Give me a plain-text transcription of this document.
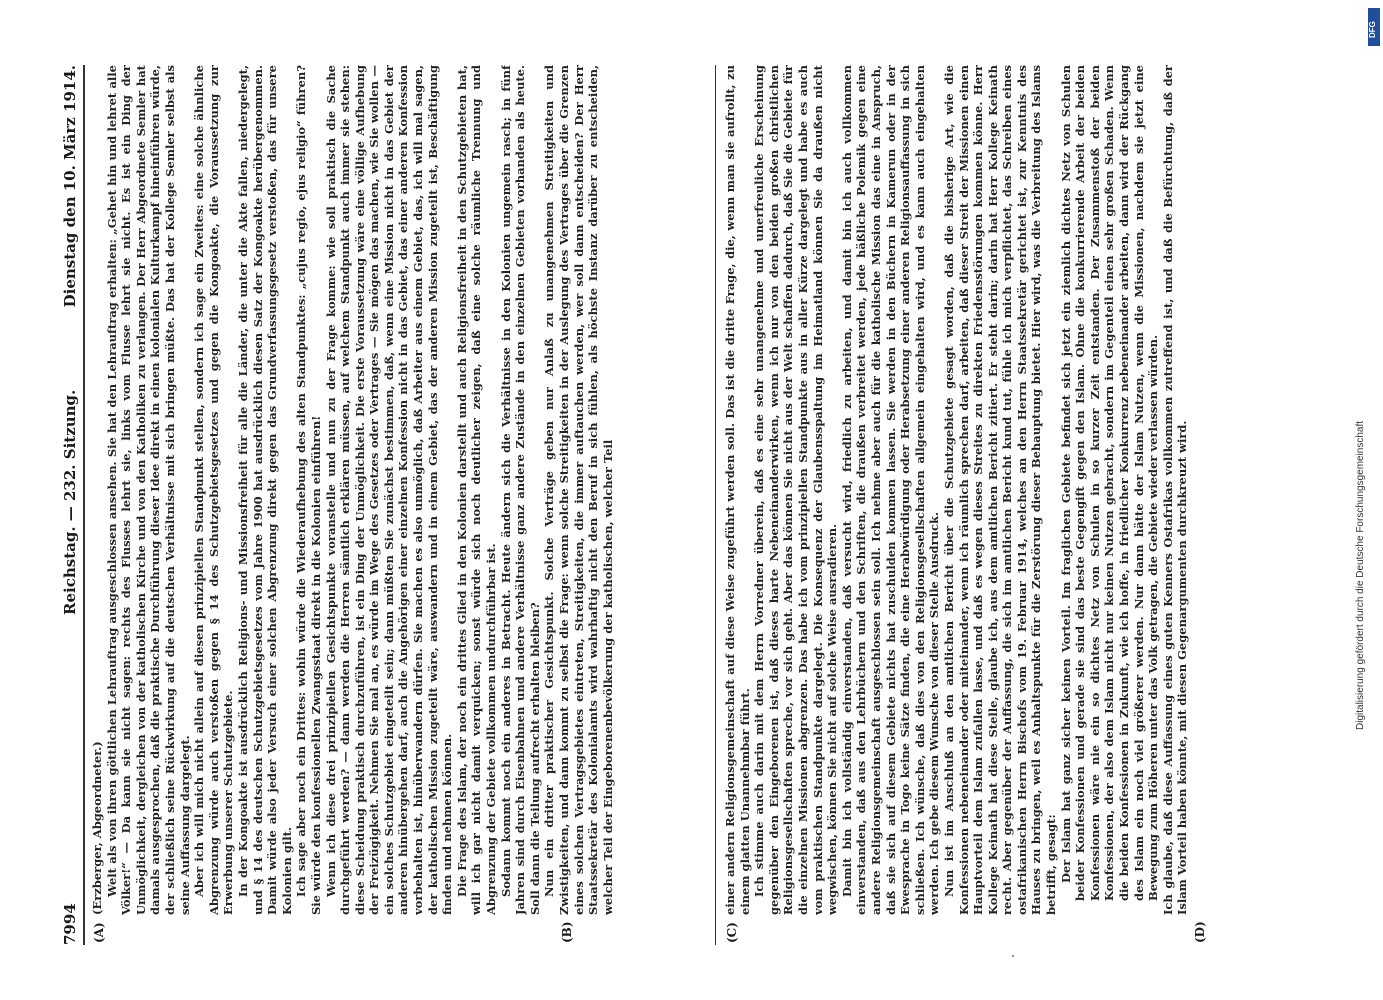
7994
Reichstag. — 232. Sitzung.
Dienstag den 10. März 1914.
(A)	(B)

(Erzberger, Abgeordneter.) Welt als von ihren göttlichen Lehrauftrag ausgeschlossen ansehen. Sie hat den Lehrauftrag erhalten: „Gehet hin und lehret alle Völker!“ — Da kann sie nicht sagen: rechts des Flusses lehrt sie, links vom Flusse lehrt sie nicht. Es ist ein Ding der Unmöglichkeit, dergleichen von der katholischen Kirche und von den Katholiken zu verlangen. Der Herr Abgeordnete Semler hat damals ausgesprochen, daß die praktische Durchführung dieser Idee direkt in einen kolonialen Kulturkampf hineinführen würde, der schließlich seine Rückwirkung auf die deutschen Verhältnisse mit sich bringen müßte. Das hat der Kollege Semler selbst als seine Auffassung dargelegt. Aber ich will mich nicht allein auf diesen prinzipiellen Standpunkt stellen, sondern ich sage ein Zweites: eine solche ähnliche Abgrenzung würde auch verstoßen gegen § 14 des Schutzgebietsgesetzes und gegen die Kongoakte, die Voraussetzung zur Erwerbung unserer Schutzgebiete. In der Kongoakte ist ausdrücklich Religions- und Missionsfreiheit für alle die Länder, die unter die Akte fallen, niedergelegt, und § 14 des deutschen Schutzgebietsgesetzes vom Jahre 1900 hat ausdrücklich diesen Satz der Kongoakte herübergenommen. Damit würde also jeder Versuch einer solchen Abgrenzung direkt gegen das Grundverfassungsgesetz verstoßen, das für unsere Kolonien gilt. Ich sage aber noch ein Drittes: wohin würde die Wiederaufhebung des alten Standpunktes: „cujus regio, ejus religio“ führen? Sie würde den konfessionellen Zwangsstaat direkt in die Kolonien einführen! Wenn ich diese drei prinzipiellen Gesichtspunkte voranstelle und nun zu der Frage komme: wie soll praktisch die Sache durchgeführt werden? — dann werden die Herren sämtlich erklären müssen, auf welchem Standpunkt auch immer sie stehen: diese Scheidung praktisch durchzuführen, ist ein Ding der Unmöglichkeit. Die erste Voraussetzung wäre eine völlige Aufhebung der Freizügigkeit. Nehmen Sie mal an, es würde im Wege des Gesetzes oder Vertrages — Sie mögen das machen, wie Sie wollen — ein solches Schutzgebiet eingeteilt sein; dann müßten Sie zunächst bestimmen, daß, wenn eine Mission nicht in das Gebiet der anderen hinübergehen darf, auch die Angehörigen einer einzelnen Konfession nicht in das Gebiet, das einer anderen Konfession vorbehalten ist, hinüberwandern dürfen. Sie machen es also unmöglich, daß Arbeiter aus einem Gebiet, das, ich will mal sagen, der katholischen Mission zugeteilt wäre, auswandern und in einem Gebiet, das der anderen Mission zugeteilt ist, Beschäftigung finden und nehmen können. Die Frage des Islam, der noch ein drittes Glied in den Kolonien darstellt und auch Religionsfreiheit in den Schutzgebieten hat, will ich gar nicht damit verquicken; sonst würde sich noch deutlicher zeigen, daß eine solche räumliche Trennung und Abgrenzung der Gebiete vollkommen undurchführbar ist. Sodann kommt noch ein anderes in Betracht. Heute ändern sich die Verhältnisse in den Kolonien ungemein rasch; in fünf Jahren sind durch Eisenbahnen und andere Verhältnisse ganz andere Zustände in den einzelnen Gebieten vorhanden als heute. Soll dann die Teilung aufrecht erhalten bleiben? Nun ein dritter praktischer Gesichtspunkt. Solche Verträge geben nur Anlaß zu unangenehmen Streitigkeiten und Zwistigkeiten, und dann kommt zu selbst die Frage: wenn solche Streitigkeiten in der Auslegung des Vertrages über die Grenzen eines solchen Vertragsgebietes eintreten, Streitigkeiten, die immer auftauchen werden, wer soll dann entscheiden? Der Herr Staatssekretär des Kolonialamts wird wahrhaftig nicht den Beruf in sich fühlen, als höchste Instanz darüber zu entscheiden, welcher Teil der Eingeborenenbevölkerung der katholischen, welcher Teil

(C)	(D)

einer andern Religionsgemeinschaft auf diese Weise zugeführt werden soll. Das ist die dritte Frage, die, wenn man sie aufrollt, zu einem glatten Unannehmbar führt. Ich stimme auch darin mit dem Herrn Vorredner überein, daß es eine sehr unangenehme und unerfreuliche Erscheinung gegenüber den Eingeborenen ist, daß dieses harte Nebeneinanderwirken, wenn ich nur von den beiden großen christlichen Religionsgesellschaften spreche, vor sich geht. Aber das können Sie nicht aus der Welt schaffen dadurch, daß Sie die Gebiete für die einzelnen Missionen abgrenzen. Das habe ich vom prinzipiellen Standpunkte aus in aller Kürze dargelegt und habe es auch vom praktischen Standpunkte dargelegt. Die Konsequenz der Glaubensspaltung im Heimatland können Sie da draußen nicht wegwischen, können Sie nicht auf solche Weise ausradieren. Damit bin ich vollständig einverstanden, daß versucht wird, friedlich zu arbeiten, und damit bin ich auch vollkommen einverstanden, daß aus den Lehrbüchern und den Schriften, die draußen verbreitet werden, jede häßliche Polemik gegen eine andere Religionsgemeinschaft ausgeschlossen sein soll. Ich nehme aber auch für die katholische Mission das eine in Anspruch, daß sie sich auf diesem Gebiete nichts hat zuschulden kommen lassen. Sie werden in den Büchern in Kamerun oder in der Ewesprache in Togo keine Sätze finden, die eine Herabwürdigung oder Herabsetzung einer anderen Religionsauffassung in sich schließen. Ich wünsche, daß dies von den Religionsgesellschaften allgemein eingehalten wird, und es kann auch eingehalten werden. Ich gebe diesem Wunsche von dieser Stelle Ausdruck. Nun ist im Anschluß an den amtlichen Bericht über die Schutzgebiete gesagt worden, daß die bisherige Art, wie die Konfessionen nebeneinander oder miteinander, wenn ich räumlich sprechen darf, arbeiten, daß dieser Streit der Missionen einen Hauptvorteil dem Islam zufallen lasse, und daß es wegen dieses Streites zu direkten Friedensstörungen kommen könne. Herr Kollege Keinath hat diese Stelle, glaube ich, aus dem amtlichen Bericht zitiert. Er steht darin; darin hat Herr Kollege Keinath recht. Aber gegenüber der Auffassung, die sich im amtlichen Bericht kund tut, fühle ich mich verpflichtet, das Schreiben eines ostafrikanischen Herrn Bischofs vom 19. Februar 1914, welches an den Herrn Staatssekretär gerichtet ist, zur Kenntnis des Hauses zu bringen, weil es Anhaltspunkte für die Zerstörung dieser Behauptung bietet. Hier wird, was die Verbreitung des Islams betrifft, gesagt: Der Islam hat ganz sicher keinen Vorteil. Im fraglichen Gebiete befindet sich jetzt ein ziemlich dichtes Netz von Schulen beider Konfessionen und gerade sie sind das beste Gegengift gegen den Islam. Ohne die konkurrierende Arbeit der beiden Konfessionen wäre nie ein so dichtes Netz von Schulen in so kurzer Zeit entstanden. Der Zusammenstoß der beiden Konfessionen, der also dem Islam nicht nur keinen Nutzen gebracht, sondern im Gegenteil einen sehr großen Schaden. Wenn die beiden Konfessionen in Zukunft, wie ich hoffe, in friedlicher Konkurrenz nebeneinander arbeiten, dann wird der Rückgang des Islam ein noch viel größerer werden. Nur dann hätte der Islam Nutzen, wenn die Missionen, nachdem sie jetzt eine Bewegung zum Höheren unter das Volk getragen, die Gebiete wieder verlassen würden. Ich glaube, daß diese Auffassung eines guten Kenners Ostafrikas vollkommen zutreffend ist, und daß die Befürchtung, daß der Islam Vorteil haben könnte, mit diesen Gegenargumenten durchkreuzt wird.	Digitalisierung gefördert durch die Deutsche Forschungsgemeinschaft
DFG
